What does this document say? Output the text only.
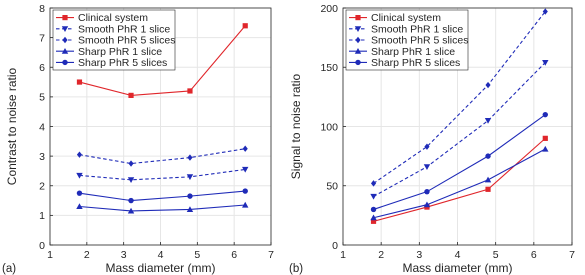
1	2	3	4	5	6	7
0
1
2
3
4
5
6
7
8
Mass diameter (mm)
Contrast to noise ratio
(a)
Clinical system
Smooth PhR 1 slice
Smooth PhR 5 slices
Sharp PhR 1 slice
Sharp PhR 5 slices
1	2	3	4	5	6	7
0
50
100
150
200
Mass diameter (mm)
Signal to noise ratio
(b)
Clinical system
Smooth PhR 1 slice
Smooth PhR 5 slices
Sharp PhR 1 slice
Sharp PhR 5 slices
